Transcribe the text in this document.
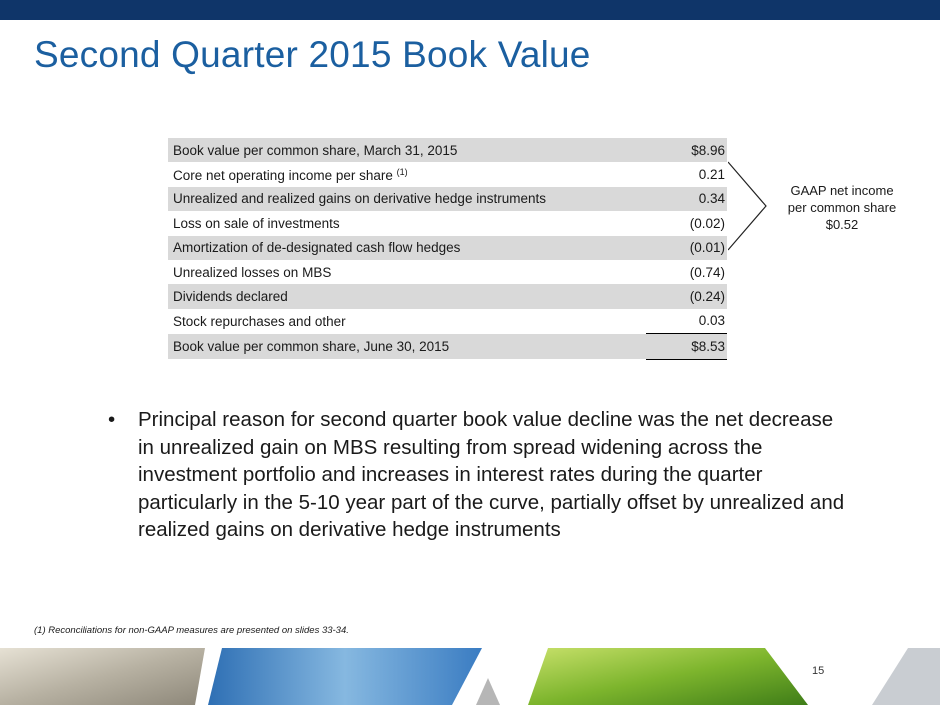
Second Quarter 2015 Book Value

Book value per common share, March 31, 2015	$8.96
Core net operating income per share $^{(1)}$	0.21
Unrealized and realized gains on derivative hedge instruments	0.34
Loss on sale of investments	(0.02)
Amortization of de-designated cash flow hedges	(0.01)
Unrealized losses on MBS	(0.74)
Dividends declared	(0.24)
Stock repurchases and other	0.03
Book value per common share, June 30, 2015	$8.53
GAAP net income
per common share
$0.52
• Principal reason for second quarter book value decline was the net decrease in unrealized gain on MBS resulting from spread widening across the investment portfolio and increases in interest rates during the quarter particularly in the 5-10 year part of the curve, partially offset by unrealized and realized gains on derivative hedge instruments
(1) Reconciliations for non-GAAP measures are presented on slides 33-34.
15
